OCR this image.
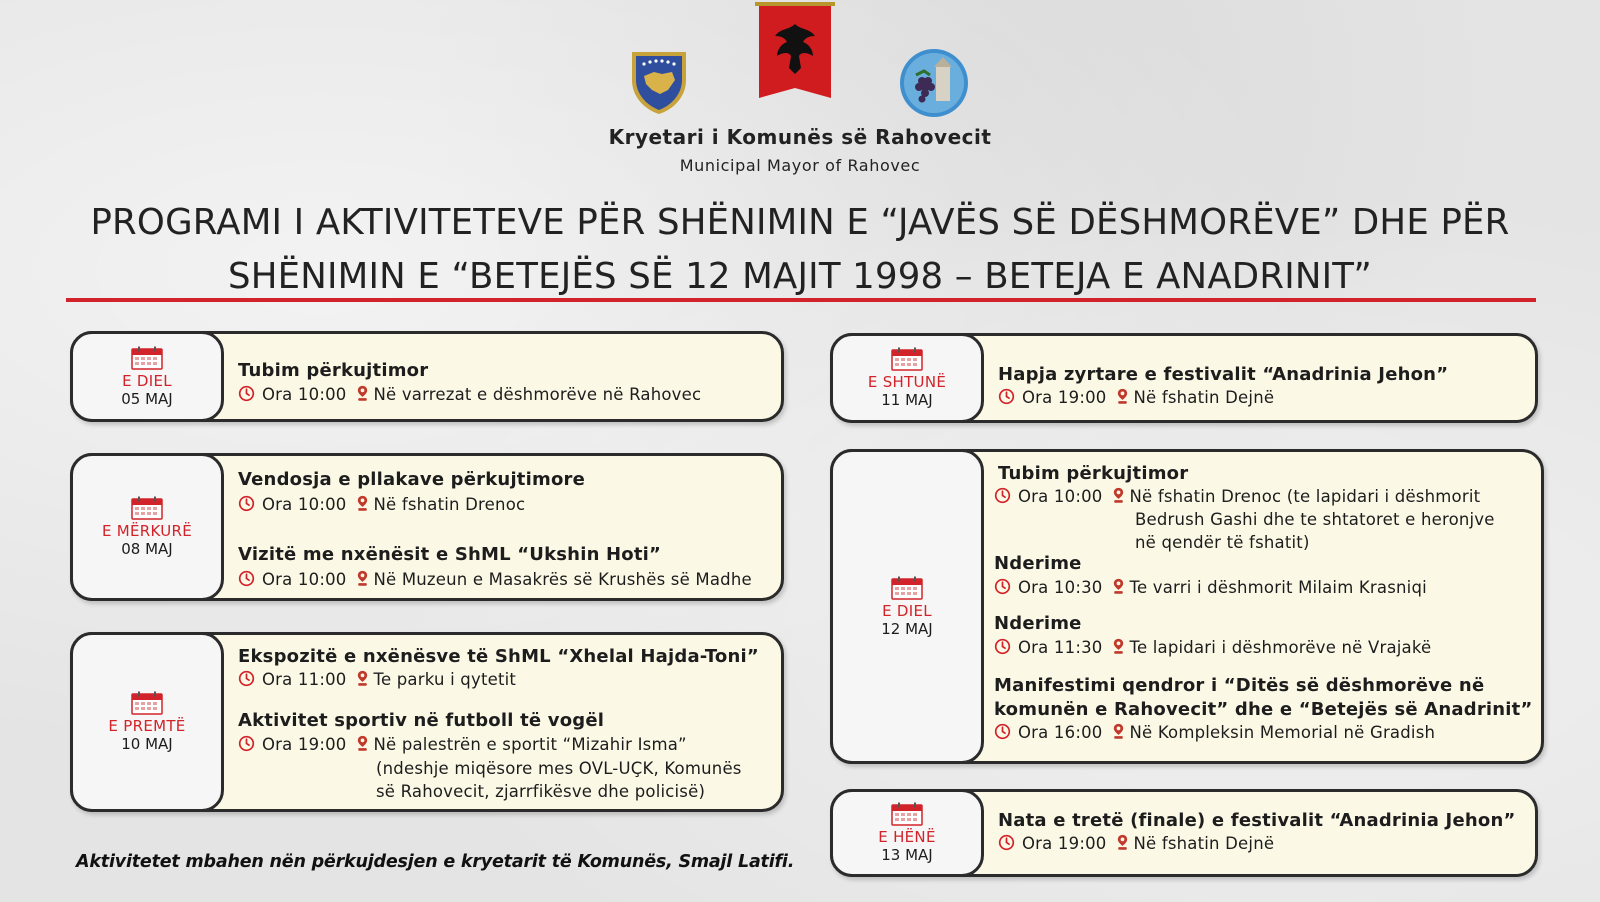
Kryetari i Komunës së Rahovecit
Municipal Mayor of Rahovec
PROGRAMI I AKTIVITETEVE PËR SHËNIMIN E “JAVËS SË DËSHMORËVE” DHE PËR
SHËNIMIN E “BETEJËS SË 12 MAJIT 1998 – BETEJA E ANADRINIT”
E DIEL
05 MAJ
Tubim përkujtimor
Ora 10:00 Në varrezat e dëshmorëve në Rahovec
E MËRKURË
08 MAJ
Vendosja e pllakave përkujtimore
Ora 10:00 Në fshatin Drenoc
Vizitë me nxënësit e ShML “Ukshin Hoti”
Ora 10:00 Në Muzeun e Masakrës së Krushës së Madhe
E PREMTË
10 MAJ
Ekspozitë e nxënësve të ShML “Xhelal Hajda-Toni”
Ora 11:00 Te parku i qytetit
Aktivitet sportiv në futboll të vogël
Ora 19:00 Në palestrën e sportit “Mizahir Isma”
(ndeshje miqësore mes OVL-UÇK, Komunës
së Rahovecit, zjarrfikësve dhe policisë)
E SHTUNË
11 MAJ
Hapja zyrtare e festivalit “Anadrinia Jehon”
Ora 19:00 Në fshatin Dejnë
E DIEL
12 MAJ
Tubim përkujtimor
Ora 10:00 Në fshatin Drenoc (te lapidari i dëshmorit
Bedrush Gashi dhe te shtatoret e heronjve
në qendër të fshatit)
Nderime
Ora 10:30 Te varri i dëshmorit Milaim Krasniqi
Nderime
Ora 11:30 Te lapidari i dëshmorëve në Vrajakë
Manifestimi qendror i “Ditës së dëshmorëve në
komunën e Rahovecit” dhe e “Betejës së Anadrinit”
Ora 16:00 Në Kompleksin Memorial në Gradish
E HËNË
13 MAJ
Nata e tretë (finale) e festivalit “Anadrinia Jehon”
Ora 19:00 Në fshatin Dejnë
Aktivitetet mbahen nën përkujdesjen e kryetarit të Komunës, Smajl Latifi.
